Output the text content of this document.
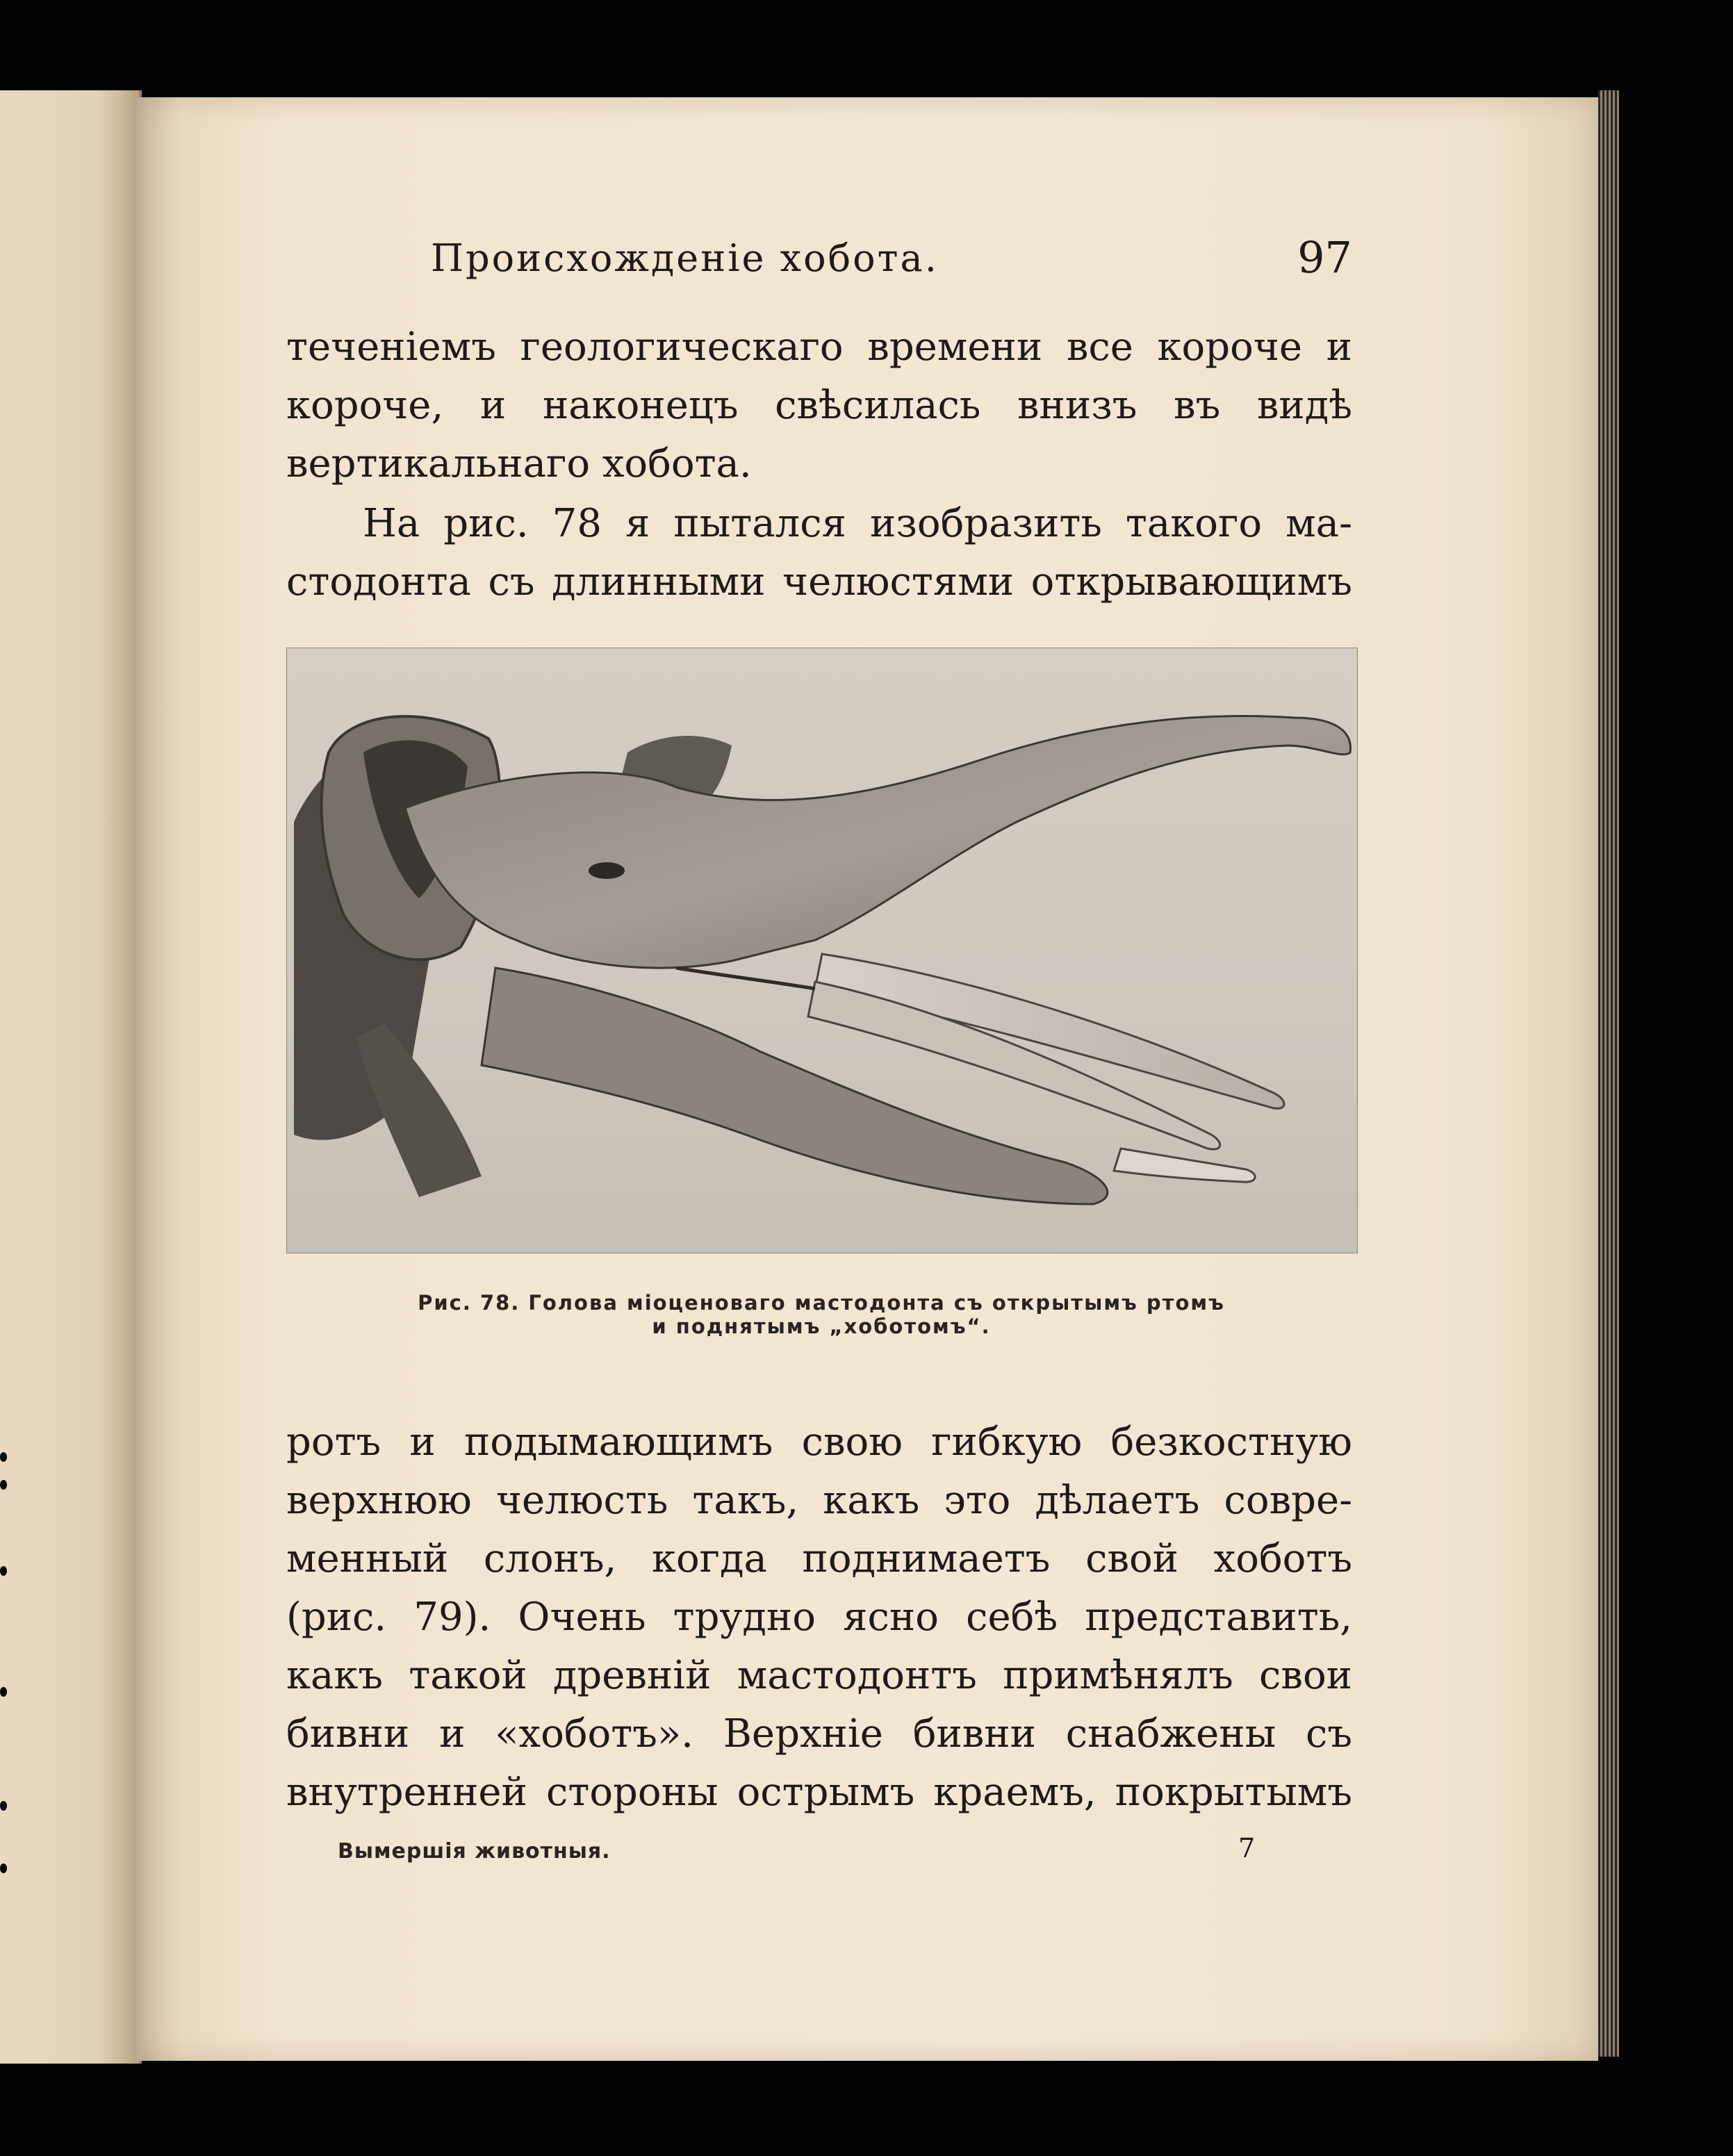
Происхожденіе хобота.	97
теченіемъ геологическаго времени все короче и
короче, и наконецъ свѣсилась внизъ въ видѣ
вертикальнаго хобота.
На рис. 78 я пытался изобразить такого ма-
стодонта съ длинными челюстями открывающимъ
Рис. 78. Голова міоценоваго мастодонта съ открытымъ ртомъ
и поднятымъ „хоботомъ“.
ротъ и подымающимъ свою гибкую безкостную
верхнюю челюсть такъ, какъ это дѣлаетъ совре-
менный слонъ, когда поднимаетъ свой хоботъ
(рис. 79). Очень трудно ясно себѣ представить,
какъ такой древній мастодонтъ примѣнялъ свои
бивни и «хоботъ». Верхніе бивни снабжены съ
внутренней стороны острымъ краемъ, покрытымъ
Вымершія животныя.	7
